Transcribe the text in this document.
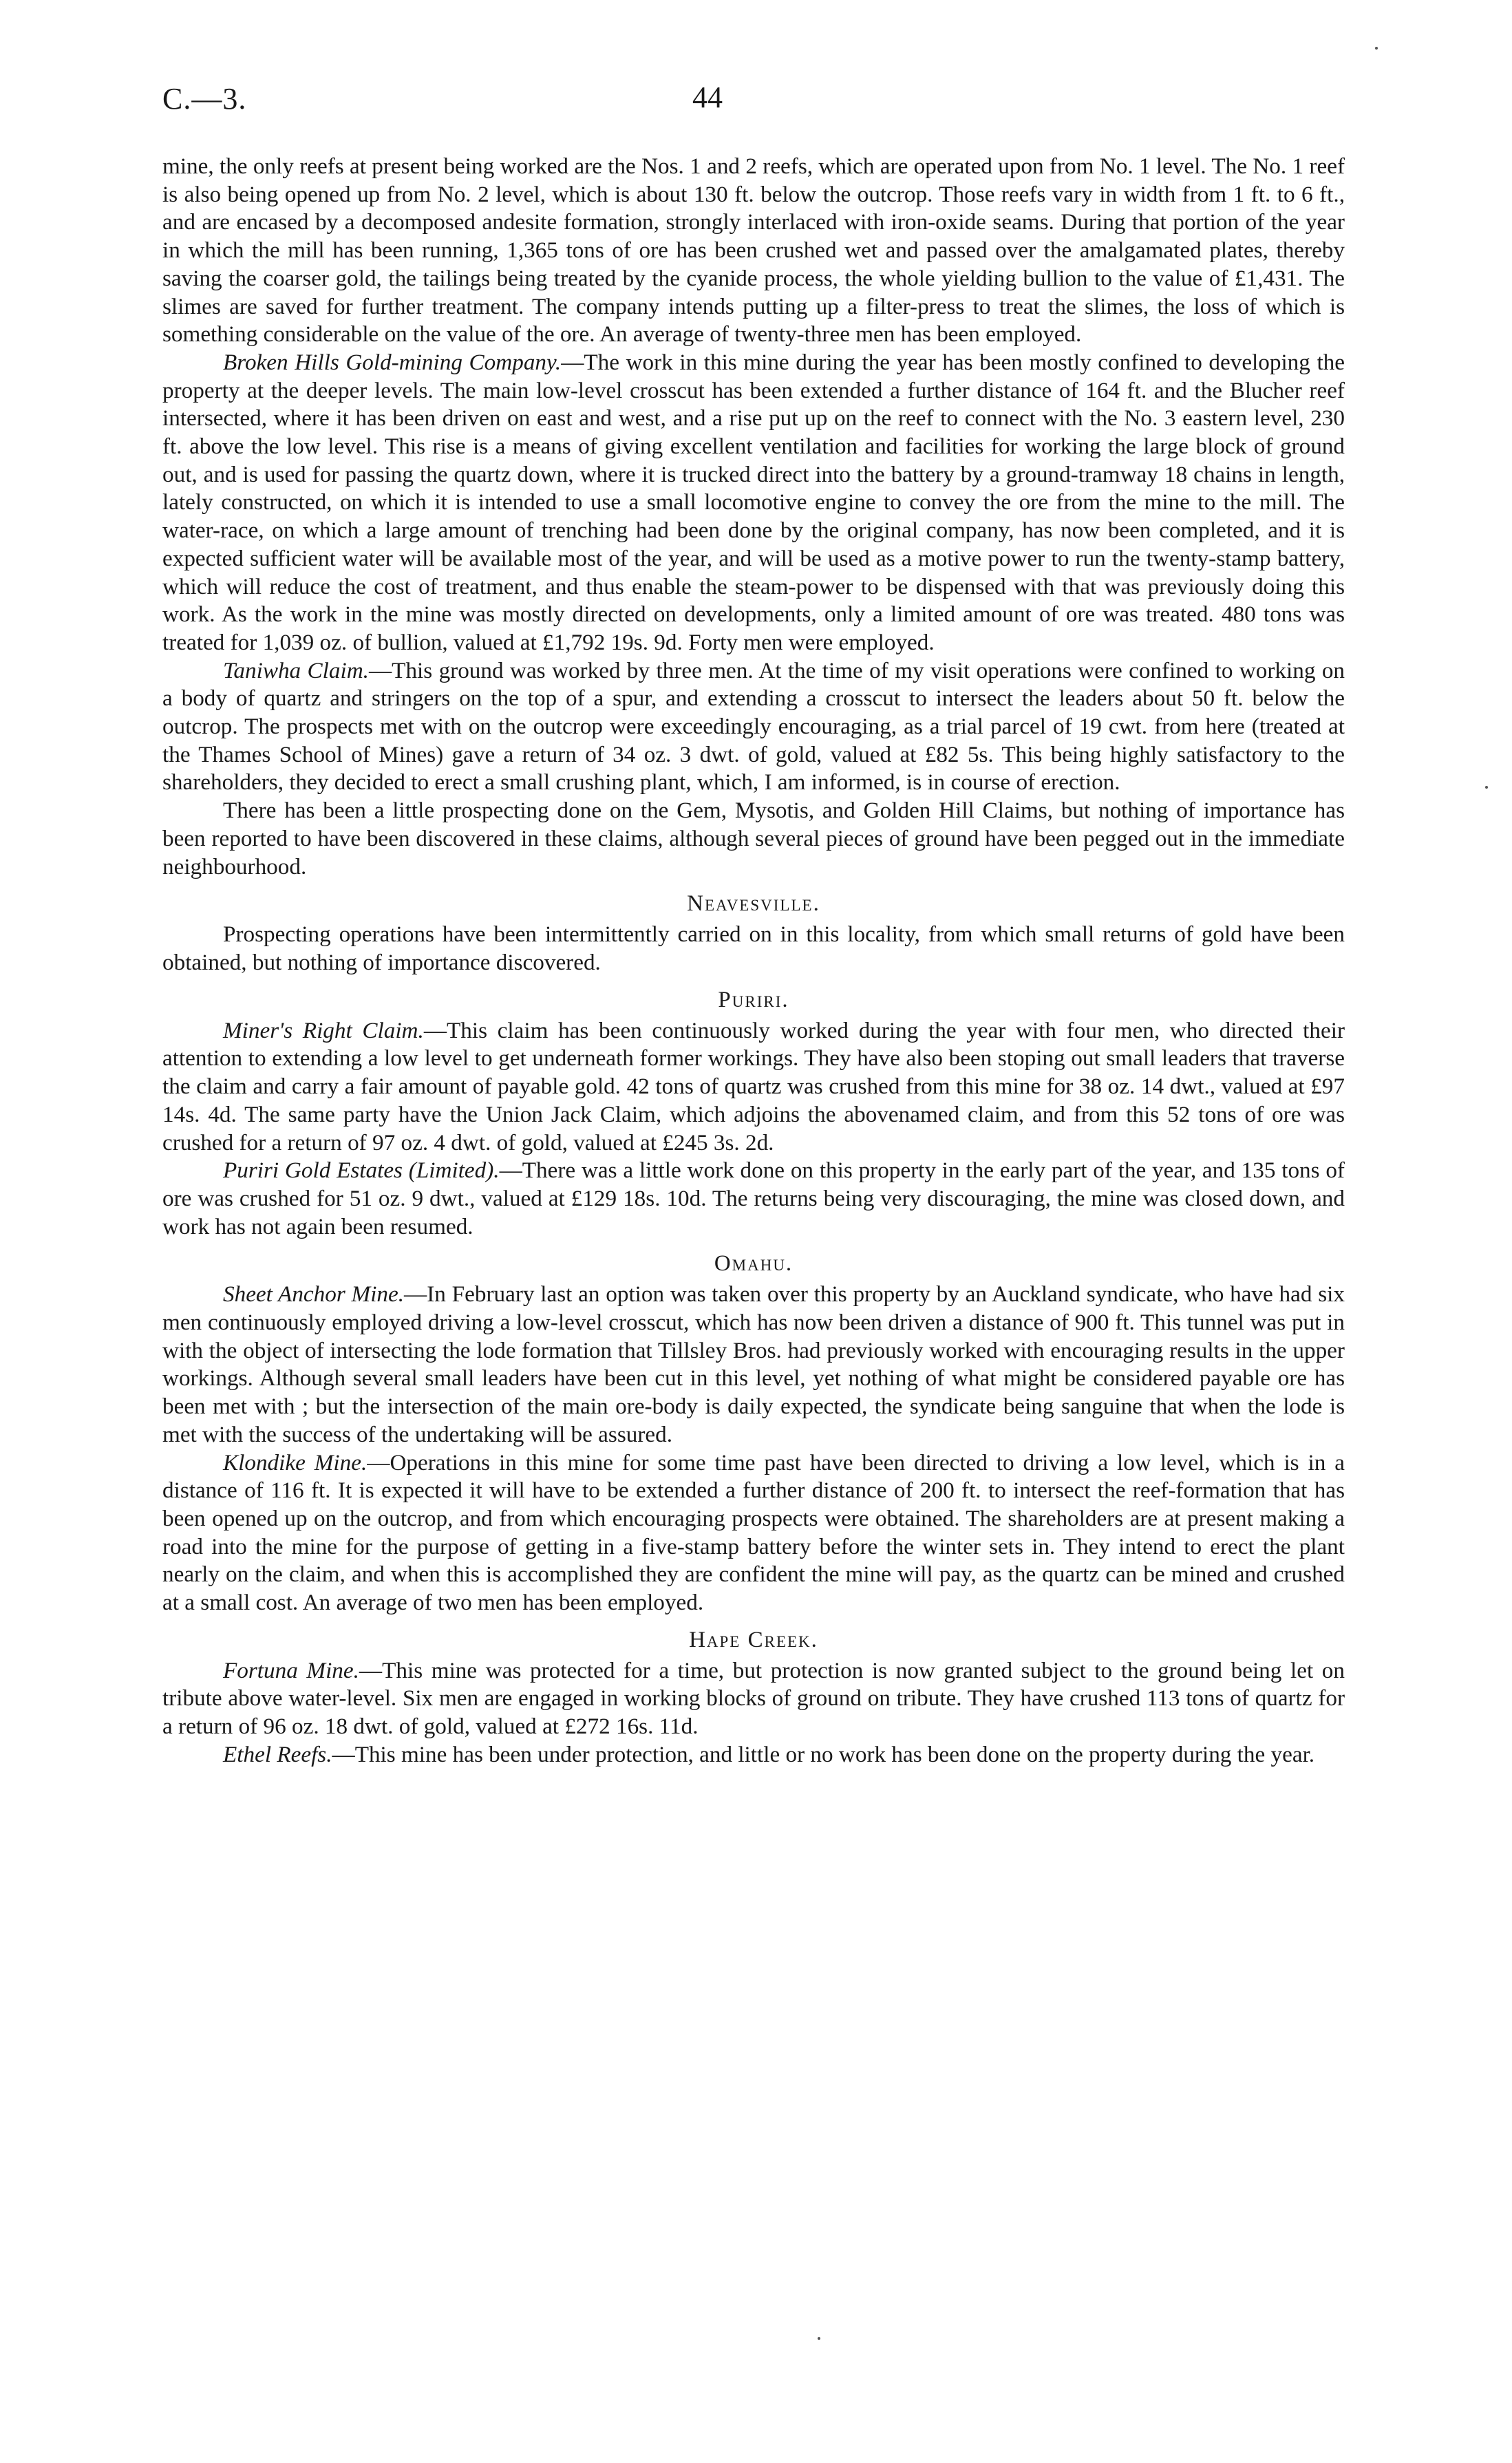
C.—3.	44

mine, the only reefs at present being worked are the Nos. 1 and 2 reefs, which are operated upon from No. 1 level. The No. 1 reef is also being opened up from No. 2 level, which is about 130 ft. below the outcrop. Those reefs vary in width from 1 ft. to 6 ft., and are encased by a decomposed andesite formation, strongly interlaced with iron-oxide seams. During that portion of the year in which the mill has been running, 1,365 tons of ore has been crushed wet and passed over the amalgamated plates, thereby saving the coarser gold, the tailings being treated by the cyanide process, the whole yielding bullion to the value of £1,431. The slimes are saved for further treatment. The company intends putting up a filter-press to treat the slimes, the loss of which is something considerable on the value of the ore. An average of twenty-three men has been employed.

Broken Hills Gold-mining Company.—The work in this mine during the year has been mostly confined to developing the property at the deeper levels. The main low-level crosscut has been extended a further distance of 164 ft. and the Blucher reef intersected, where it has been driven on east and west, and a rise put up on the reef to connect with the No. 3 eastern level, 230 ft. above the low level. This rise is a means of giving excellent ventilation and facilities for working the large block of ground out, and is used for passing the quartz down, where it is trucked direct into the battery by a ground-tramway 18 chains in length, lately constructed, on which it is intended to use a small locomotive engine to convey the ore from the mine to the mill. The water-race, on which a large amount of trenching had been done by the original company, has now been completed, and it is expected sufficient water will be available most of the year, and will be used as a motive power to run the twenty-stamp battery, which will reduce the cost of treatment, and thus enable the steam-power to be dispensed with that was previously doing this work. As the work in the mine was mostly directed on developments, only a limited amount of ore was treated. 480 tons was treated for 1,039 oz. of bullion, valued at £1,792 19s. 9d. Forty men were employed.

Taniwha Claim.—This ground was worked by three men. At the time of my visit operations were confined to working on a body of quartz and stringers on the top of a spur, and extending a crosscut to intersect the leaders about 50 ft. below the outcrop. The prospects met with on the outcrop were exceedingly encouraging, as a trial parcel of 19 cwt. from here (treated at the Thames School of Mines) gave a return of 34 oz. 3 dwt. of gold, valued at £82 5s. This being highly satisfactory to the shareholders, they decided to erect a small crushing plant, which, I am informed, is in course of erection.

There has been a little prospecting done on the Gem, Mysotis, and Golden Hill Claims, but nothing of importance has been reported to have been discovered in these claims, although several pieces of ground have been pegged out in the immediate neighbourhood.

Neavesville.

Prospecting operations have been intermittently carried on in this locality, from which small returns of gold have been obtained, but nothing of importance discovered.

Puriri.

Miner's Right Claim.—This claim has been continuously worked during the year with four men, who directed their attention to extending a low level to get underneath former workings. They have also been stoping out small leaders that traverse the claim and carry a fair amount of payable gold. 42 tons of quartz was crushed from this mine for 38 oz. 14 dwt., valued at £97 14s. 4d. The same party have the Union Jack Claim, which adjoins the abovenamed claim, and from this 52 tons of ore was crushed for a return of 97 oz. 4 dwt. of gold, valued at £245 3s. 2d.

Puriri Gold Estates (Limited).—There was a little work done on this property in the early part of the year, and 135 tons of ore was crushed for 51 oz. 9 dwt., valued at £129 18s. 10d. The returns being very discouraging, the mine was closed down, and work has not again been resumed.

Omahu.

Sheet Anchor Mine.—In February last an option was taken over this property by an Auckland syndicate, who have had six men continuously employed driving a low-level crosscut, which has now been driven a distance of 900 ft. This tunnel was put in with the object of intersecting the lode formation that Tillsley Bros. had previously worked with encouraging results in the upper workings. Although several small leaders have been cut in this level, yet nothing of what might be considered payable ore has been met with ; but the intersection of the main ore-body is daily expected, the syndicate being sanguine that when the lode is met with the success of the undertaking will be assured.

Klondike Mine.—Operations in this mine for some time past have been directed to driving a low level, which is in a distance of 116 ft. It is expected it will have to be extended a further distance of 200 ft. to intersect the reef-formation that has been opened up on the outcrop, and from which encouraging prospects were obtained. The shareholders are at present making a road into the mine for the purpose of getting in a five-stamp battery before the winter sets in. They intend to erect the plant nearly on the claim, and when this is accomplished they are confident the mine will pay, as the quartz can be mined and crushed at a small cost. An average of two men has been employed.

Hape Creek.

Fortuna Mine.—This mine was protected for a time, but protection is now granted subject to the ground being let on tribute above water-level. Six men are engaged in working blocks of ground on tribute. They have crushed 113 tons of quartz for a return of 96 oz. 18 dwt. of gold, valued at £272 16s. 11d.

Ethel Reefs.—This mine has been under protection, and little or no work has been done on the property during the year.
